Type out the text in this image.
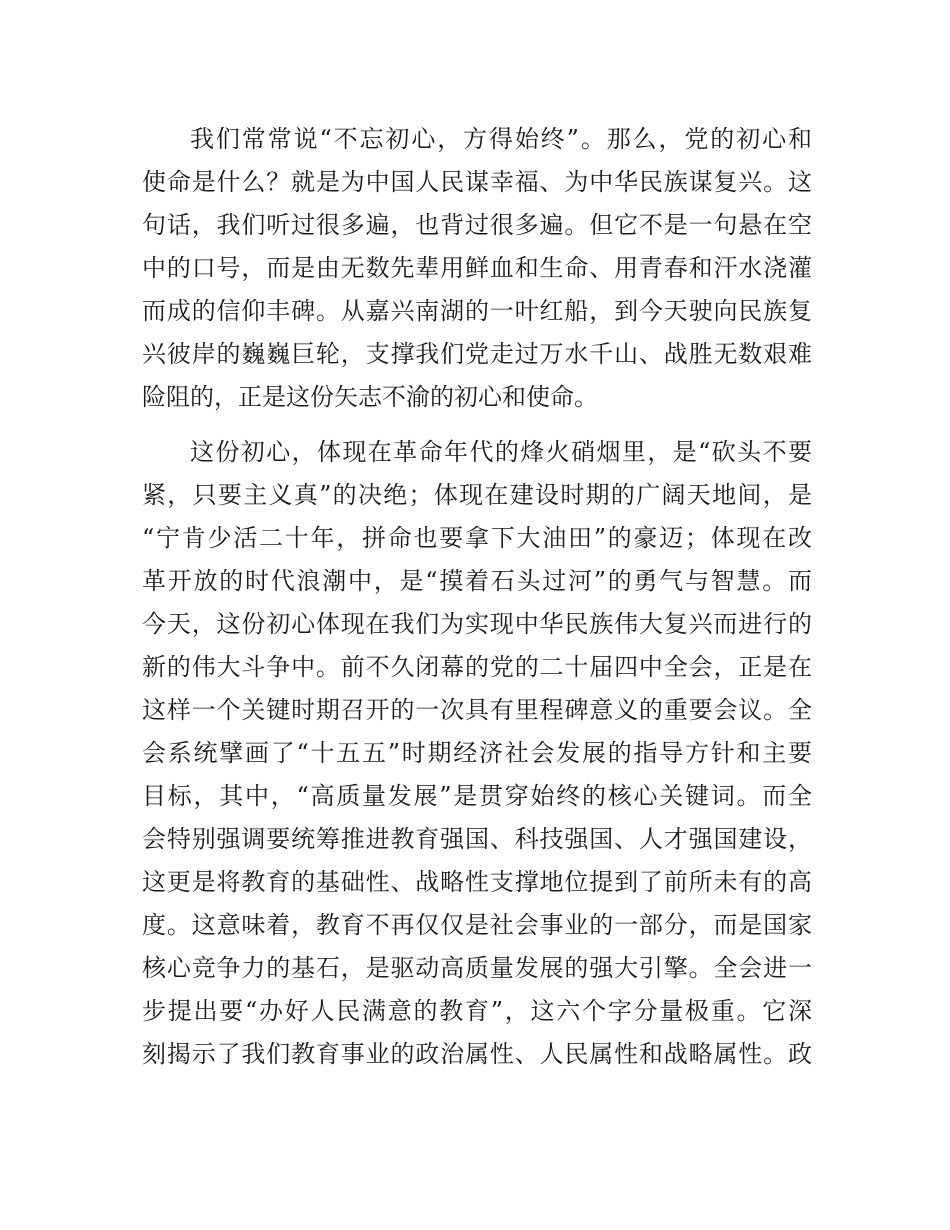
我们常常说“不忘初心，方得始终”。那么，党的初心和
使命是什么？就是为中国人民谋幸福、为中华民族谋复兴。这
句话，我们听过很多遍，也背过很多遍。但它不是一句悬在空
中的口号，而是由无数先辈用鲜血和生命、用青春和汗水浇灌
而成的信仰丰碑。从嘉兴南湖的一叶红船，到今天驶向民族复
兴彼岸的巍巍巨轮，支撑我们党走过万水千山、战胜无数艰难
险阻的，正是这份矢志不渝的初心和使命。
这份初心，体现在革命年代的烽火硝烟里，是“砍头不要
紧，只要主义真”的决绝；体现在建设时期的广阔天地间，是
“宁肯少活二十年，拼命也要拿下大油田”的豪迈；体现在改
革开放的时代浪潮中，是“摸着石头过河”的勇气与智慧。而
今天，这份初心体现在我们为实现中华民族伟大复兴而进行的
新的伟大斗争中。前不久闭幕的党的二十届四中全会，正是在
这样一个关键时期召开的一次具有里程碑意义的重要会议。全
会系统擘画了“十五五”时期经济社会发展的指导方针和主要
目标，其中，“高质量发展”是贯穿始终的核心关键词。而全
会特别强调要统筹推进教育强国、科技强国、人才强国建设，
这更是将教育的基础性、战略性支撑地位提到了前所未有的高
度。这意味着，教育不再仅仅是社会事业的一部分，而是国家
核心竞争力的基石，是驱动高质量发展的强大引擎。全会进一
步提出要“办好人民满意的教育”，这六个字分量极重。它深
刻揭示了我们教育事业的政治属性、人民属性和战略属性。政
